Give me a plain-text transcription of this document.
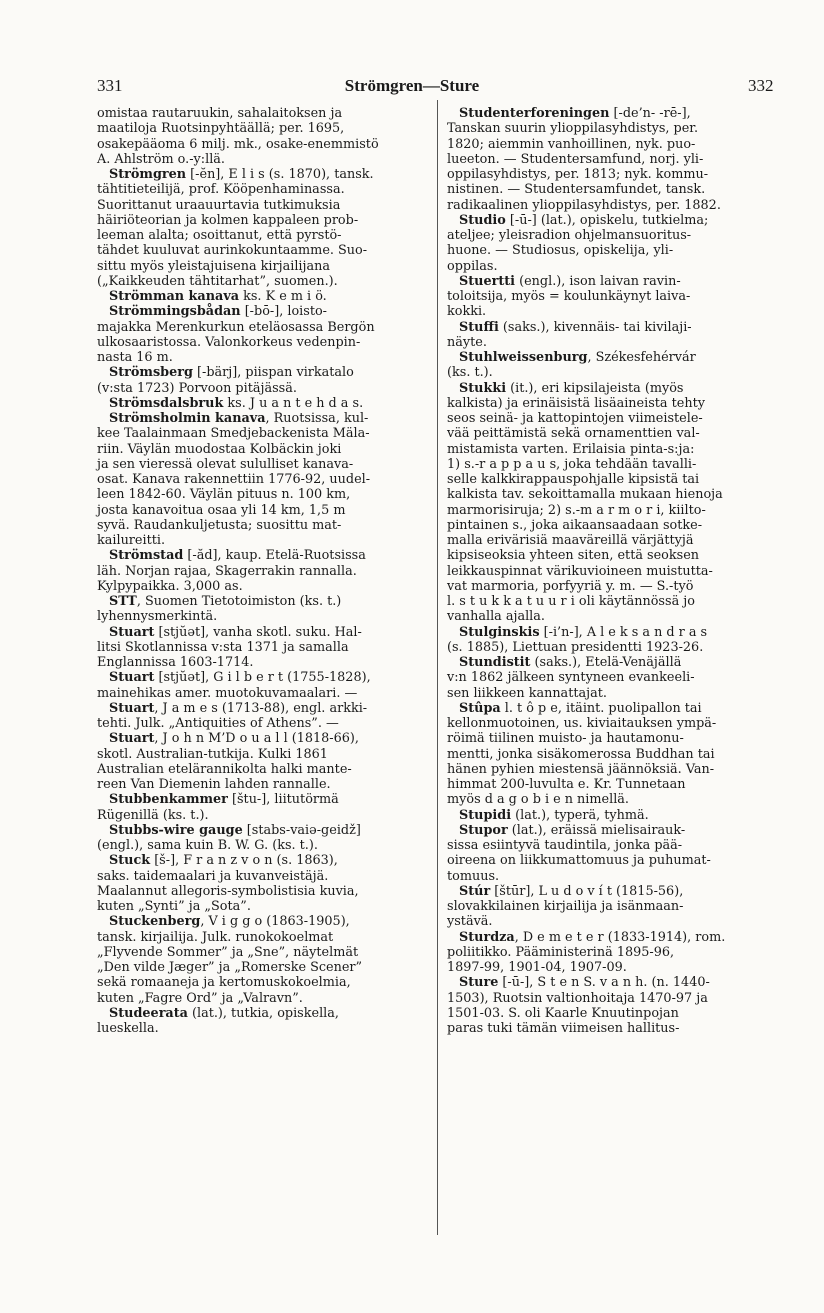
331	Strömgren—Sture	332
omistaa rautaruukin, sahalaitoksen ja
maatiloja Ruotsinpyhtäällä; per. 1695,
osakepääoma 6 milj. mk., osake-enemmistö
A. Ahlström o.-y:llä.
Strömgren [-ĕn], E l i s (s. 1870), tansk.
tähtitieteilijä, prof. Kööpenhaminassa.
Suorittanut uraauurtavia tutkimuksia
häiriöteorian ja kolmen kappaleen prob-
leeman alalta; osoittanut, että pyrstö-
tähdet kuuluvat aurinkokuntaamme. Suo-
sittu myös yleistajuisena kirjailijana
(„Kaikkeuden tähtitarhat”, suomen.).
Strömman kanava ks. K e m i ö.
Strömmingsbådan [-bō-], loisto-
majakka Merenkurkun eteläosassa Bergön
ulkosaaristossa. Valonkorkeus vedenpin-
nasta 16 m.
Strömsberg [-bärj], piispan virkatalo
(v:sta 1723) Porvoon pitäjässä.
Strömsdalsbruk ks. J u a n t e h d a s.
Strömsholmin kanava, Ruotsissa, kul-
kee Taalainmaan Smedjebackenista Mäla-
riin. Väylän muodostaa Kolbäckin joki
ja sen vieressä olevat sululliset kanava-
osat. Kanava rakennettiin 1776-92, uudel-
leen 1842-60. Väylän pituus n. 100 km,
josta kanavoitua osaa yli 14 km, 1,5 m
syvä. Raudankuljetusta; suosittu mat-
kailureitti.
Strömstad [-ăd], kaup. Etelä-Ruotsissa
läh. Norjan rajaa, Skagerrakin rannalla.
Kylpypaikka. 3,000 as.
STT, Suomen Tietotoimiston (ks. t.)
lyhennysmerkintä.
Stuart [stjŭət], vanha skotl. suku. Hal-
litsi Skotlannissa v:sta 1371 ja samalla
Englannissa 1603-1714.
Stuart [stjŭət], G i l b e r t (1755-1828),
mainehikas amer. muotokuvamaalari. —
Stuart, J a m e s (1713-88), engl. arkki-
tehti. Julk. „Antiquities of Athens”. —
Stuart, J o h n M’D o u a l l (1818-66),
skotl. Australian-tutkija. Kulki 1861
Australian etelärannikolta halki mante-
reen Van Diemenin lahden rannalle.
Stubbenkammer [štu-], liitutörmä
Rügenillä (ks. t.).
Stubbs-wire gauge [stabs-vaiə-geidž]
(engl.), sama kuin B. W. G. (ks. t.).
Stuck [š-], F r a n z v o n (s. 1863),
saks. taidemaalari ja kuvanveistäjä.
Maalannut allegoris-symbolistisia kuvia,
kuten „Synti” ja „Sota”.
Stuckenberg, V i g g o (1863-1905),
tansk. kirjailija. Julk. runokokoelmat
„Flyvende Sommer” ja „Sne”, näytelmät
„Den vilde Jæger” ja „Romerske Scener”
sekä romaaneja ja kertomuskokoelmia,
kuten „Fagre Ord” ja „Valravn”.
Studeerata (lat.), tutkia, opiskella,
lueskella.
Studenterforeningen [-de’n- -rē-],
Tanskan suurin ylioppilasyhdistys, per.
1820; aiemmin vanhoillinen, nyk. puo-
lueeton. — Studentersamfund, norj. yli-
oppilasyhdistys, per. 1813; nyk. kommu-
nistinen. — Studentersamfundet, tansk.
radikaalinen ylioppilasyhdistys, per. 1882.
Studio [-ū-] (lat.), opiskelu, tutkielma;
ateljee; yleisradion ohjelmansuoritus-
huone. — Studiosus, opiskelija, yli-
oppilas.
Stuertti (engl.), ison laivan ravin-
toloitsija, myös = koulunkäynyt laiva-
kokki.
Stuffi (saks.), kivennäis- tai kivilaji-
näyte.
Stuhlweissenburg, Székesfehérvár
(ks. t.).
Stukki (it.), eri kipsilajeista (myös
kalkista) ja erinäisistä lisäaineista tehty
seos seinä- ja kattopintojen viimeistele-
vää peittämistä sekä ornamenttien val-
mistamista varten. Erilaisia pinta-s:ja:
1) s.-r a p p a u s, joka tehdään tavalli-
selle kalkkirappauspohjalle kipsistä tai
kalkista tav. sekoittamalla mukaan hienoja
marmorisiruja; 2) s.-m a r m o r i, kiilto-
pintainen s., joka aikaansaadaan sotke-
malla erivärisiä maaväreillä värjättyjä
kipsiseoksia yhteen siten, että seoksen
leikkauspinnat värikuvioineen muistutta-
vat marmoria, porfyyriä y. m. — S.-työ
l. s t u k k a t u u r i oli käytännössä jo
vanhalla ajalla.
Stulginskis [-i’n-], A l e k s a n d r a s
(s. 1885), Liettuan presidentti 1923-26.
Stundistit (saks.), Etelä-Venäjällä
v:n 1862 jälkeen syntyneen evankeeli-
sen liikkeen kannattajat.
Stûpa l. t ô p e, itäint. puolipallon tai
kellonmuotoinen, us. kiviaitauksen ympä-
röimä tiilinen muisto- ja hautamonu-
mentti, jonka sisäkomerossa Buddhan tai
hänen pyhien miestensä jäännöksiä. Van-
himmat 200-luvulta e. Kr. Tunnetaan
myös d a g o b i e n nimellä.
Stupidi (lat.), typerä, tyhmä.
Stupor (lat.), eräissä mielisairauk-
sissa esiintyvä taudintila, jonka pää-
oireena on liikkumattomuus ja puhumat-
tomuus.
Stúr [štūr], L u d o v í t (1815-56),
slovakkilainen kirjailija ja isänmaan-
ystävä.
Sturdza, D e m e t e r (1833-1914), rom.
poliitikko. Pääministerinä 1895-96,
1897-99, 1901-04, 1907-09.
Sture [-ū-], S t e n S. v a n h. (n. 1440-
1503), Ruotsin valtionhoitaja 1470-97 ja
1501-03. S. oli Kaarle Knuutinpojan
paras tuki tämän viimeisen hallitus-
